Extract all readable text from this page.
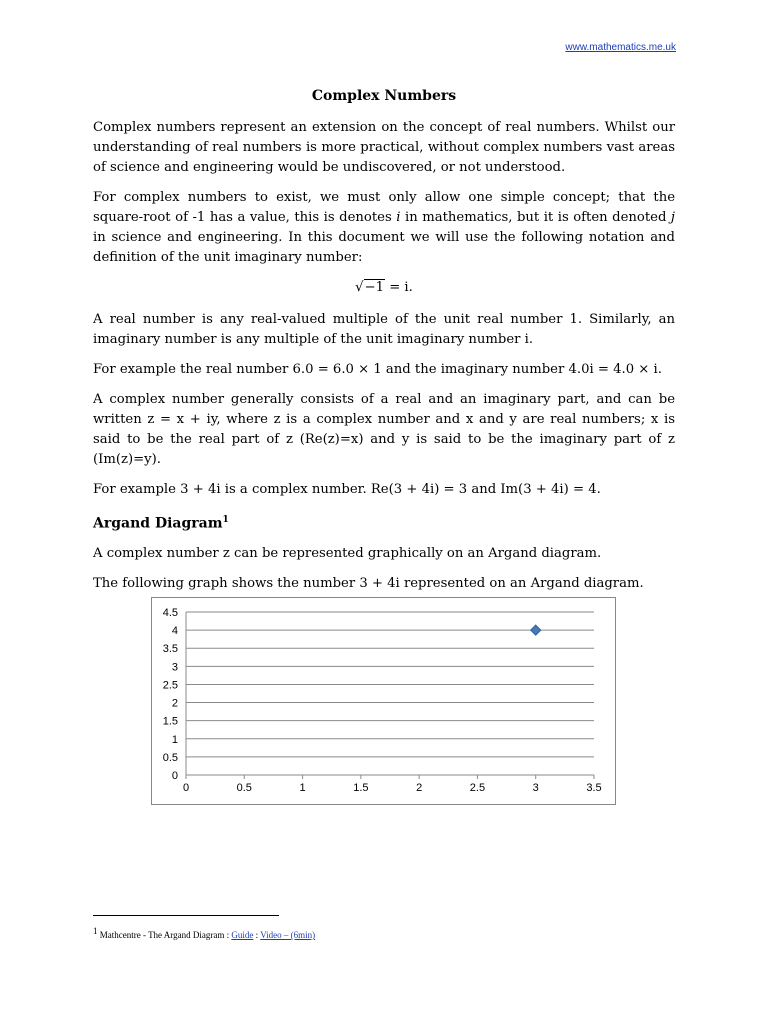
www.mathematics.me.uk
Complex Numbers

Complex numbers represent an extension on the concept of real numbers. Whilst our understanding of real numbers is more practical, without complex numbers vast areas of science and engineering would be undiscovered, or not understood.

For complex numbers to exist, we must only allow one simple concept; that the square-root of -1 has a value, this is denotes i in mathematics, but it is often denoted j in science and engineering. In this document we will use the following notation and definition of the unit imaginary number:

√−1 = i.

A real number is any real-valued multiple of the unit real number 1. Similarly, an imaginary number is any multiple of the unit imaginary number i.

For example the real number 6.0 = 6.0 × 1 and the imaginary number 4.0i = 4.0 × i.

A complex number generally consists of a real and an imaginary part, and can be written z = x + iy, where z is a complex number and x and y are real numbers; x is said to be the real part of z (Re(z)=x) and y is said to be the imaginary part of z (Im(z)=y).

For example 3 + 4i is a complex number. Re(3 + 4i) = 3 and Im(3 + 4i) = 4.

Argand Diagram$^1$

A complex number z can be represented graphically on an Argand diagram.

The following graph shows the number 3 + 4i represented on an Argand diagram.

0
0.5
1
1.5
2
2.5
3
3.5
4
4.5
0	0.5	1	1.5	2	2.5	3	3.5
1 Mathcentre - The Argand Diagram : Guide : Video – (6min)
